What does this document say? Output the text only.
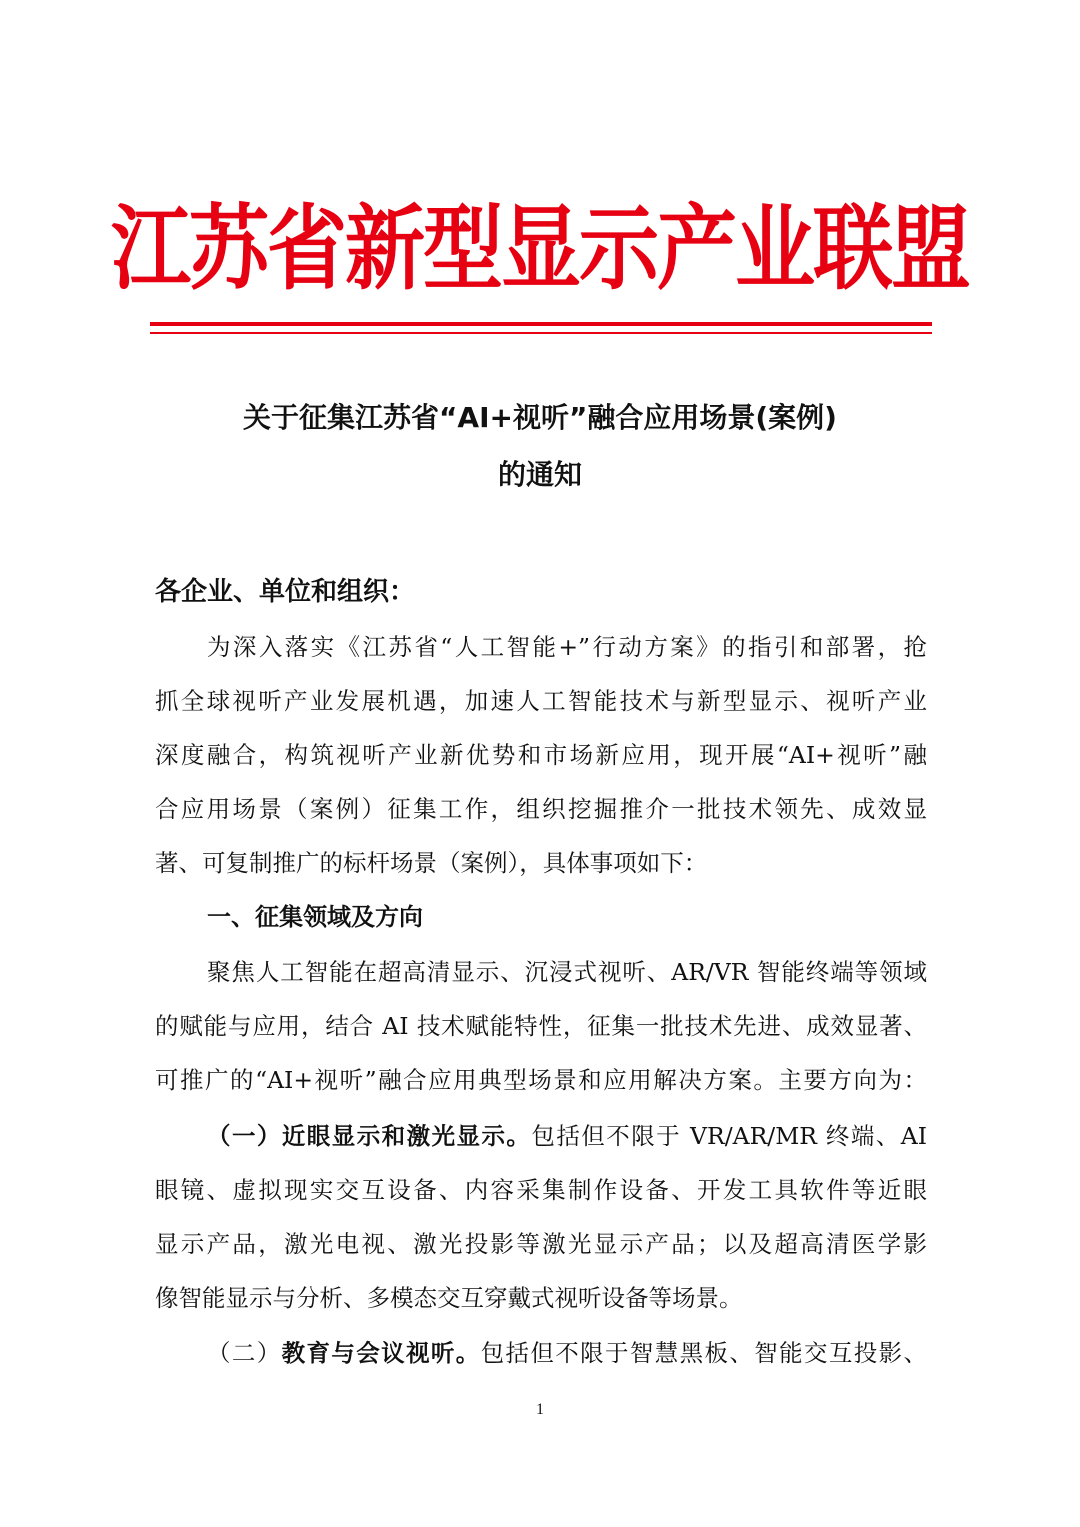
江苏省新型显示产业联盟
关于征集江苏省“AI+视听”融合应用场景(案例)
的通知
各企业、单位和组织：
为深入落实《江苏省“人工智能+”行动方案》的指引和部署，抢
抓全球视听产业发展机遇，加速人工智能技术与新型显示、视听产业
深度融合，构筑视听产业新优势和市场新应用，现开展“AI+视听”融
合应用场景（案例）征集工作，组织挖掘推介一批技术领先、成效显
著、可复制推广的标杆场景（案例），具体事项如下：
一、征集领域及方向
聚焦人工智能在超高清显示、沉浸式视听、AR/VR 智能终端等领域
的赋能与应用，结合 AI 技术赋能特性，征集一批技术先进、成效显著、
可推广的“AI+视听”融合应用典型场景和应用解决方案。主要方向为：
（一）近眼显示和激光显示。包括但不限于 VR/AR/MR 终端、AI
眼镜、虚拟现实交互设备、内容采集制作设备、开发工具软件等近眼
显示产品，激光电视、激光投影等激光显示产品；以及超高清医学影
像智能显示与分析、多模态交互穿戴式视听设备等场景。
（二）教育与会议视听。包括但不限于智慧黑板、智能交互投影、
1
